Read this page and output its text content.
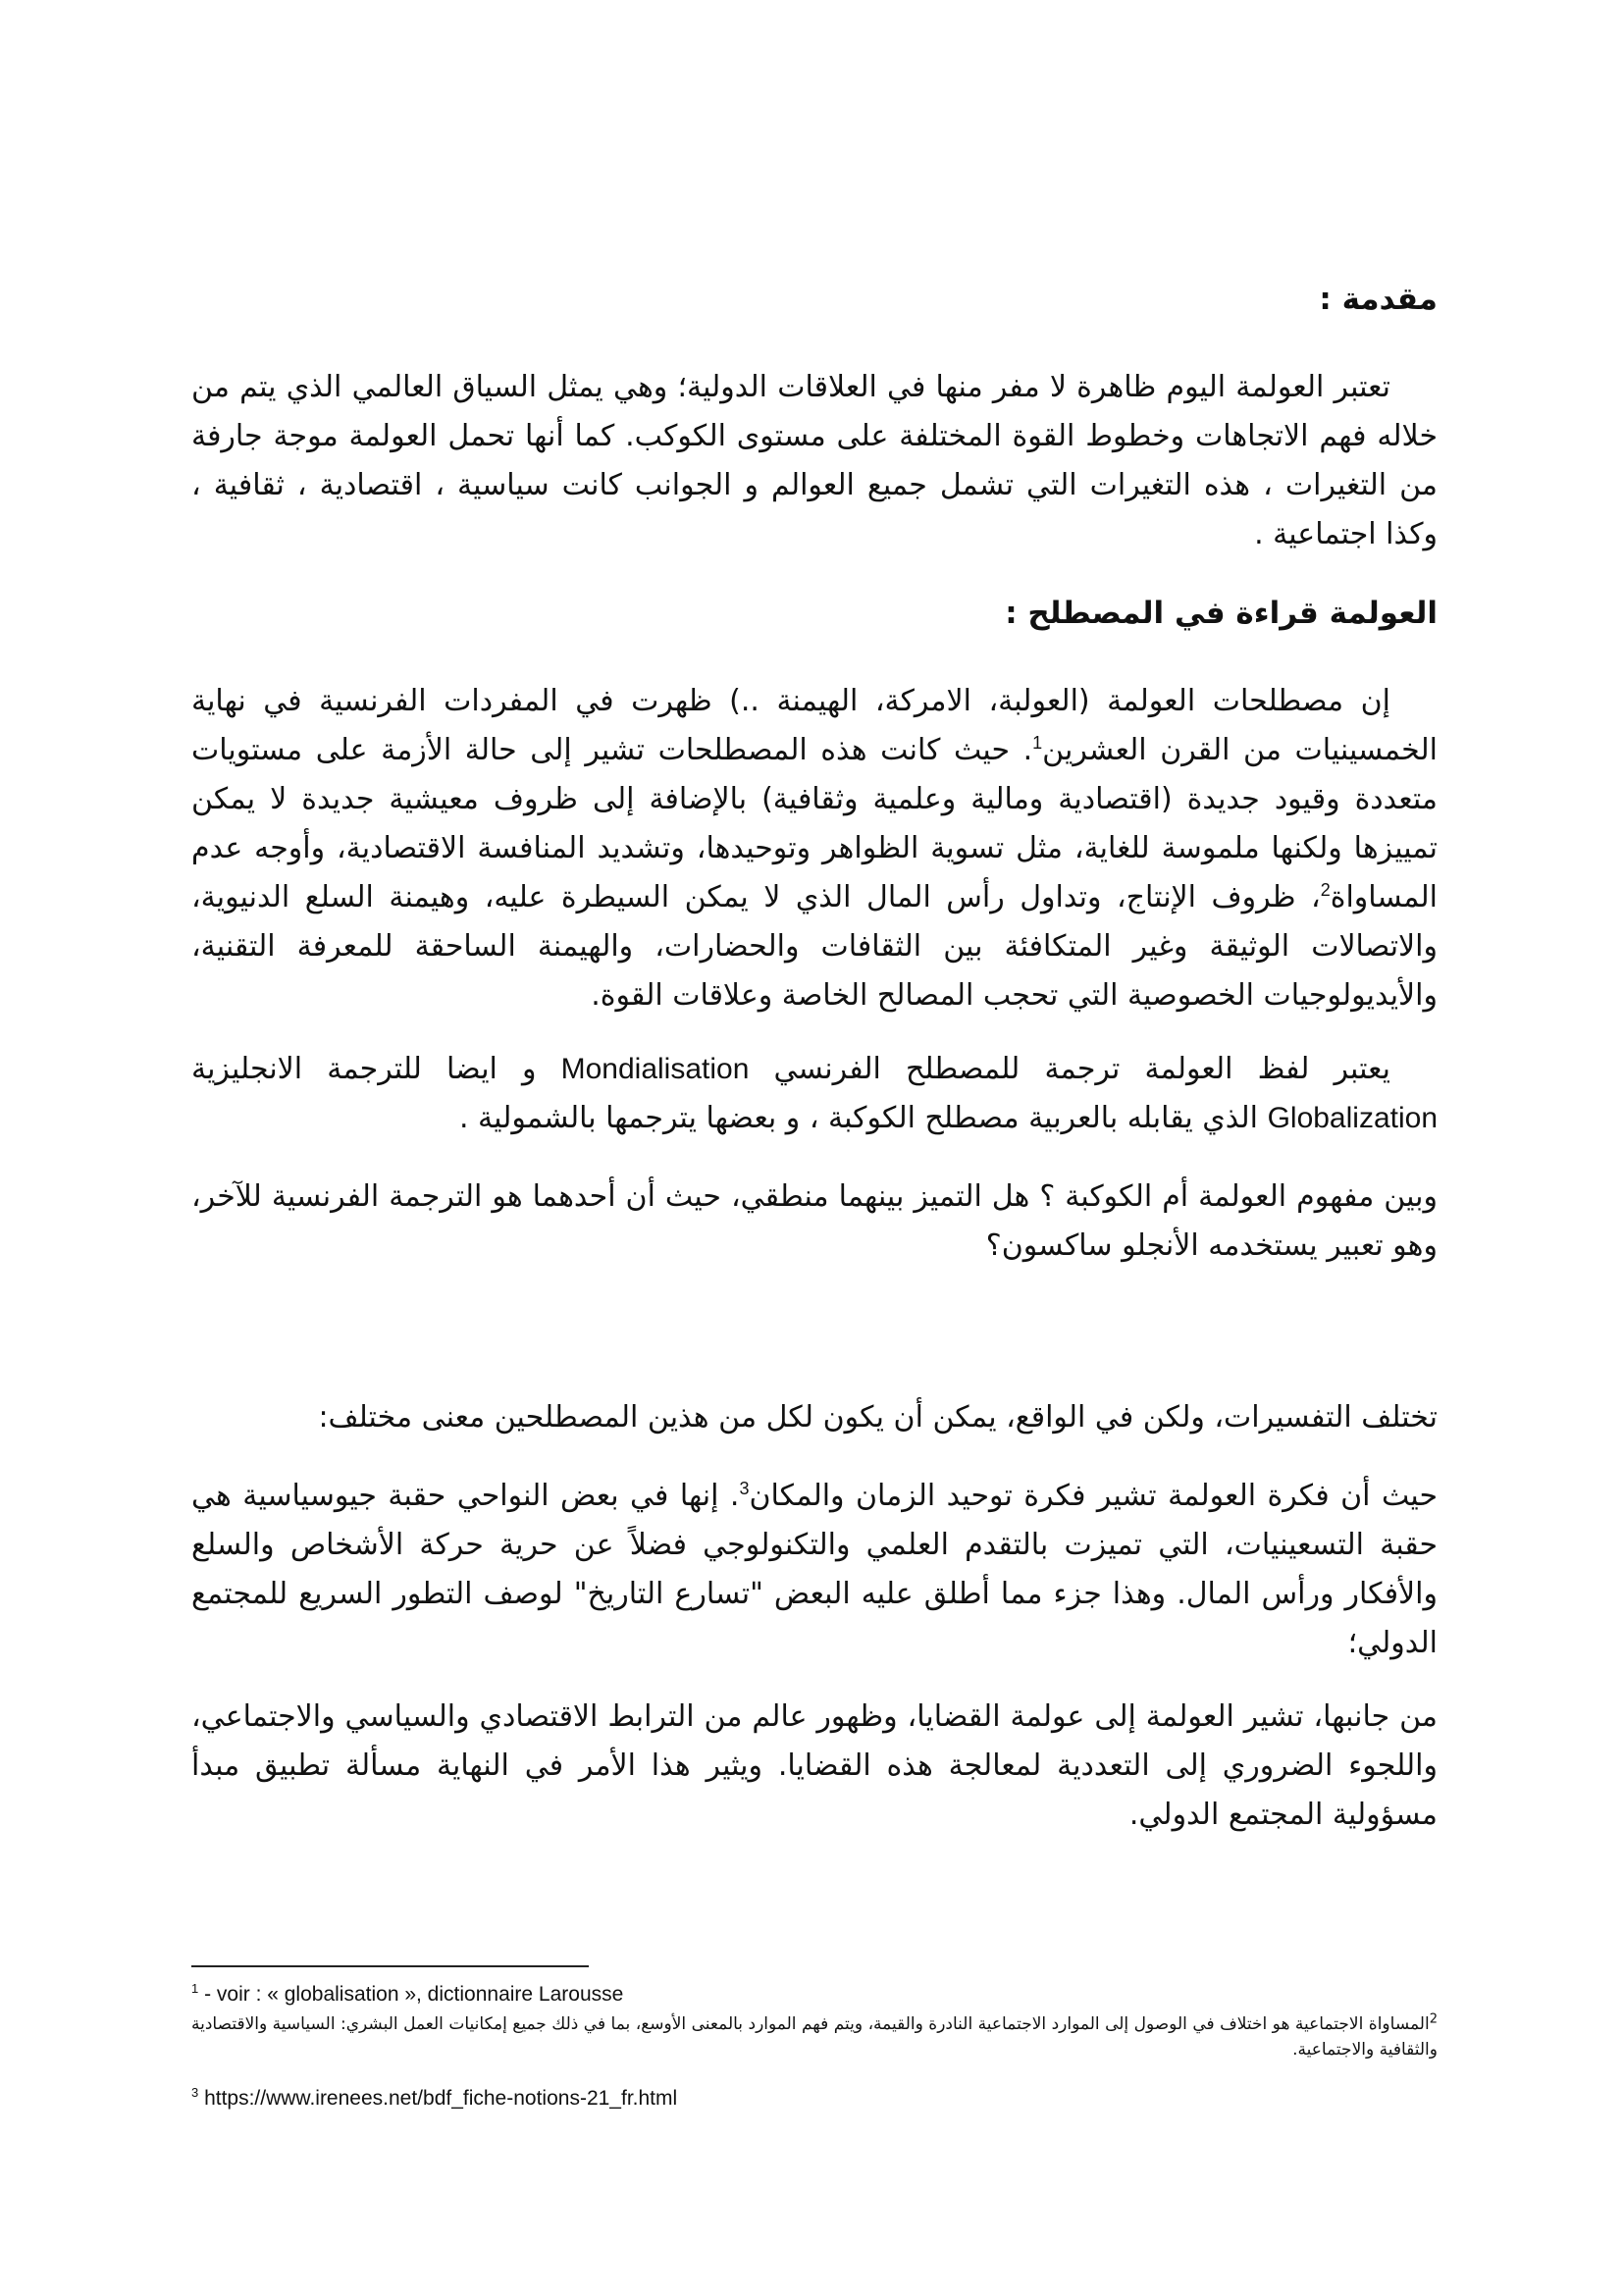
مقدمة :

تعتبر العولمة اليوم ظاهرة لا مفر منها في العلاقات الدولية؛ وهي يمثل السياق العالمي الذي يتم من خلاله فهم الاتجاهات وخطوط القوة المختلفة على مستوى الكوكب. كما أنها تحمل العولمة موجة جارفة من التغيرات ، هذه التغيرات التي تشمل جميع العوالم و الجوانب كانت سياسية ، اقتصادية ، ثقافية ، وكذا اجتماعية .

العولمة قراءة في المصطلح :

إن مصطلحات العولمة (العولبة، الامركة، الهيمنة ..) ظهرت في المفردات الفرنسية في نهاية الخمسينيات من القرن العشرين$^1$. حيث كانت هذه المصطلحات تشير إلى حالة الأزمة على مستويات متعددة وقيود جديدة (اقتصادية ومالية وعلمية وثقافية) بالإضافة إلى ظروف معيشية جديدة لا يمكن تمييزها ولكنها ملموسة للغاية، مثل تسوية الظواهر وتوحيدها، وتشديد المنافسة الاقتصادية، وأوجه عدم المساواة$^2$، ظروف الإنتاج، وتداول رأس المال الذي لا يمكن السيطرة عليه، وهيمنة السلع الدنيوية، والاتصالات الوثيقة وغير المتكافئة بين الثقافات والحضارات، والهيمنة الساحقة للمعرفة التقنية، والأيديولوجيات الخصوصية التي تحجب المصالح الخاصة وعلاقات القوة.

يعتبر لفظ العولمة ترجمة للمصطلح الفرنسي Mondialisation و ايضا للترجمة الانجليزية Globalization الذي يقابله بالعربية مصطلح الكوكبة ، و بعضها يترجمها بالشمولية .

وبين مفهوم العولمة أم الكوكبة ؟ هل التميز بينهما منطقي، حيث أن أحدهما هو الترجمة الفرنسية للآخر، وهو تعبير يستخدمه الأنجلو ساكسون؟

تختلف التفسيرات، ولكن في الواقع، يمكن أن يكون لكل من هذين المصطلحين معنى مختلف:

حيث أن فكرة العولمة تشير فكرة توحيد الزمان والمكان$^3$. إنها في بعض النواحي حقبة جيوسياسية هي حقبة التسعينيات، التي تميزت بالتقدم العلمي والتكنولوجي فضلاً عن حرية حركة الأشخاص والسلع والأفكار ورأس المال. وهذا جزء مما أطلق عليه البعض "تسارع التاريخ" لوصف التطور السريع للمجتمع الدولي؛

من جانبها، تشير العولمة إلى عولمة القضايا، وظهور عالم من الترابط الاقتصادي والسياسي والاجتماعي، واللجوء الضروري إلى التعددية لمعالجة هذه القضايا. ويثير هذا الأمر في النهاية مسألة تطبيق مبدأ مسؤولية المجتمع الدولي.

$^1$ - voir : « globalisation », dictionnaire Larousse

$^2$المساواة الاجتماعية هو اختلاف في الوصول إلى الموارد الاجتماعية النادرة والقيمة، ويتم فهم الموارد بالمعنى الأوسع، بما في ذلك جميع إمكانيات العمل البشري: السياسية والاقتصادية والثقافية والاجتماعية.

$^3$ https://www.irenees.net/bdf_fiche-notions-21_fr.html
